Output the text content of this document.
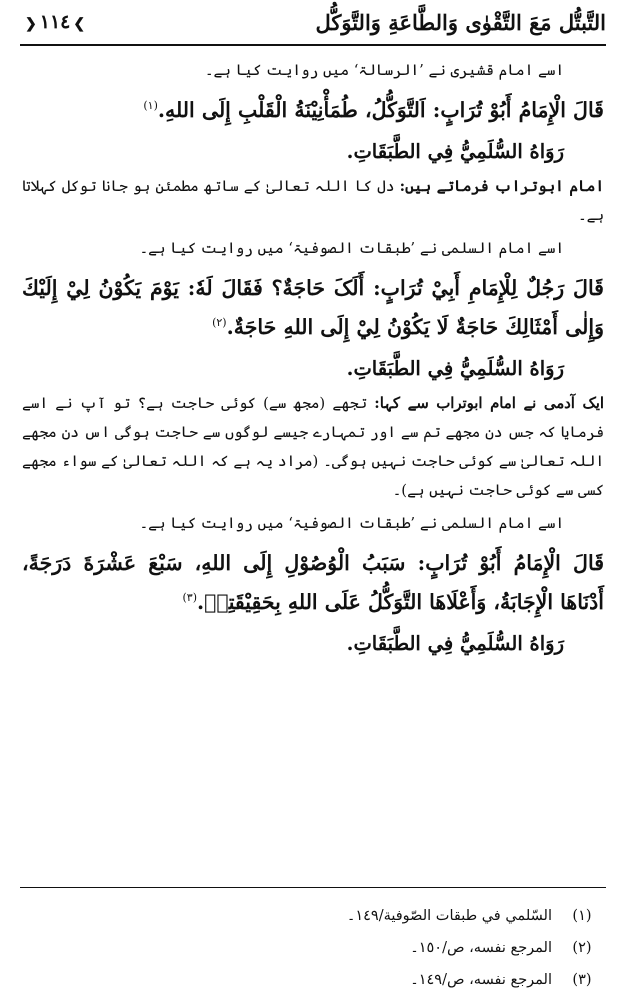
التَّبتُّل مَعَ التَّقْوٰى وَالطَّاعَةِ وَالتَّوَكُّل
❯١١٤❮

اسے امام قشیری نے ’الرسالۃ‘ میں روایت کیا ہے۔

قَالَ الْإِمَامُ أَبُوْ تُرَابٍ: اَلتَّوَكُّلُ، طُمَأْنِيْنَةُ الْقَلْبِ إِلَى اللهِ.$^{(١)}$

رَوَاهُ السُّلَمِيُّ فِي الطَّبَقَاتِ.

امام ابوتراب فرماتے ہیں: دل کا اللہ تعالیٰ کے ساتھ مطمئن ہو جانا توکل کہلاتا ہے۔

اسے امام السلمی نے ’طبقات الصوفیۃ‘ میں روایت کیا ہے۔

قَالَ رَجُلٌ لِلْإِمَامِ أَبِيْ تُرَابٍ: أَلَکَ حَاجَةٌ؟ فَقَالَ لَهٗ: يَوْمَ يَكُوْنُ لِيْ إِلَيْكَ وَإِلٰى أَمْثَالِكَ حَاجَةٌ لَا يَكُوْنُ لِيْ إِلَى اللهِ حَاجَةٌ.$^{(٢)}$

رَوَاهُ السُّلَمِيُّ فِي الطَّبَقَاتِ.

ایک آدمی نے امام ابوتراب سے کہا: تجھے (مجھ سے) کوئی حاجت ہے؟ تو آپ نے اسے فرمایا کہ جس دن مجھے تم سے اور تمہارے جیسے لوگوں سے حاجت ہوگی اس دن مجھے اللہ تعالیٰ سے کوئی حاجت نہیں ہوگی۔ (مراد یہ ہے کہ اللہ تعالیٰ کے سواء مجھے کسی سے کوئی حاجت نہیں ہے)۔

اسے امام السلمی نے ’طبقات الصوفیۃ‘ میں روایت کیا ہے۔

قَالَ الْإِمَامُ أَبُوْ تُرَابٍ: سَبَبُ الْوُصُوْلِ إِلَى اللهِ، سَبْعَ عَشْرَةَ دَرَجَةً، أَدْنَاهَا الْإِجَابَةُ، وَأَعْلَاهَا التَّوَكُّلُ عَلَى اللهِ بِحَقِيْقَتِهٖ.$^{(٣)}$

رَوَاهُ السُّلَمِيُّ فِي الطَّبَقَاتِ.

(١)
السّلمي في طبقات الصّوفية/١٤٩۔
(٢)
المرجع نفسه، ص/١٥٠۔
(٣)
المرجع نفسه، ص/١٤٩۔
